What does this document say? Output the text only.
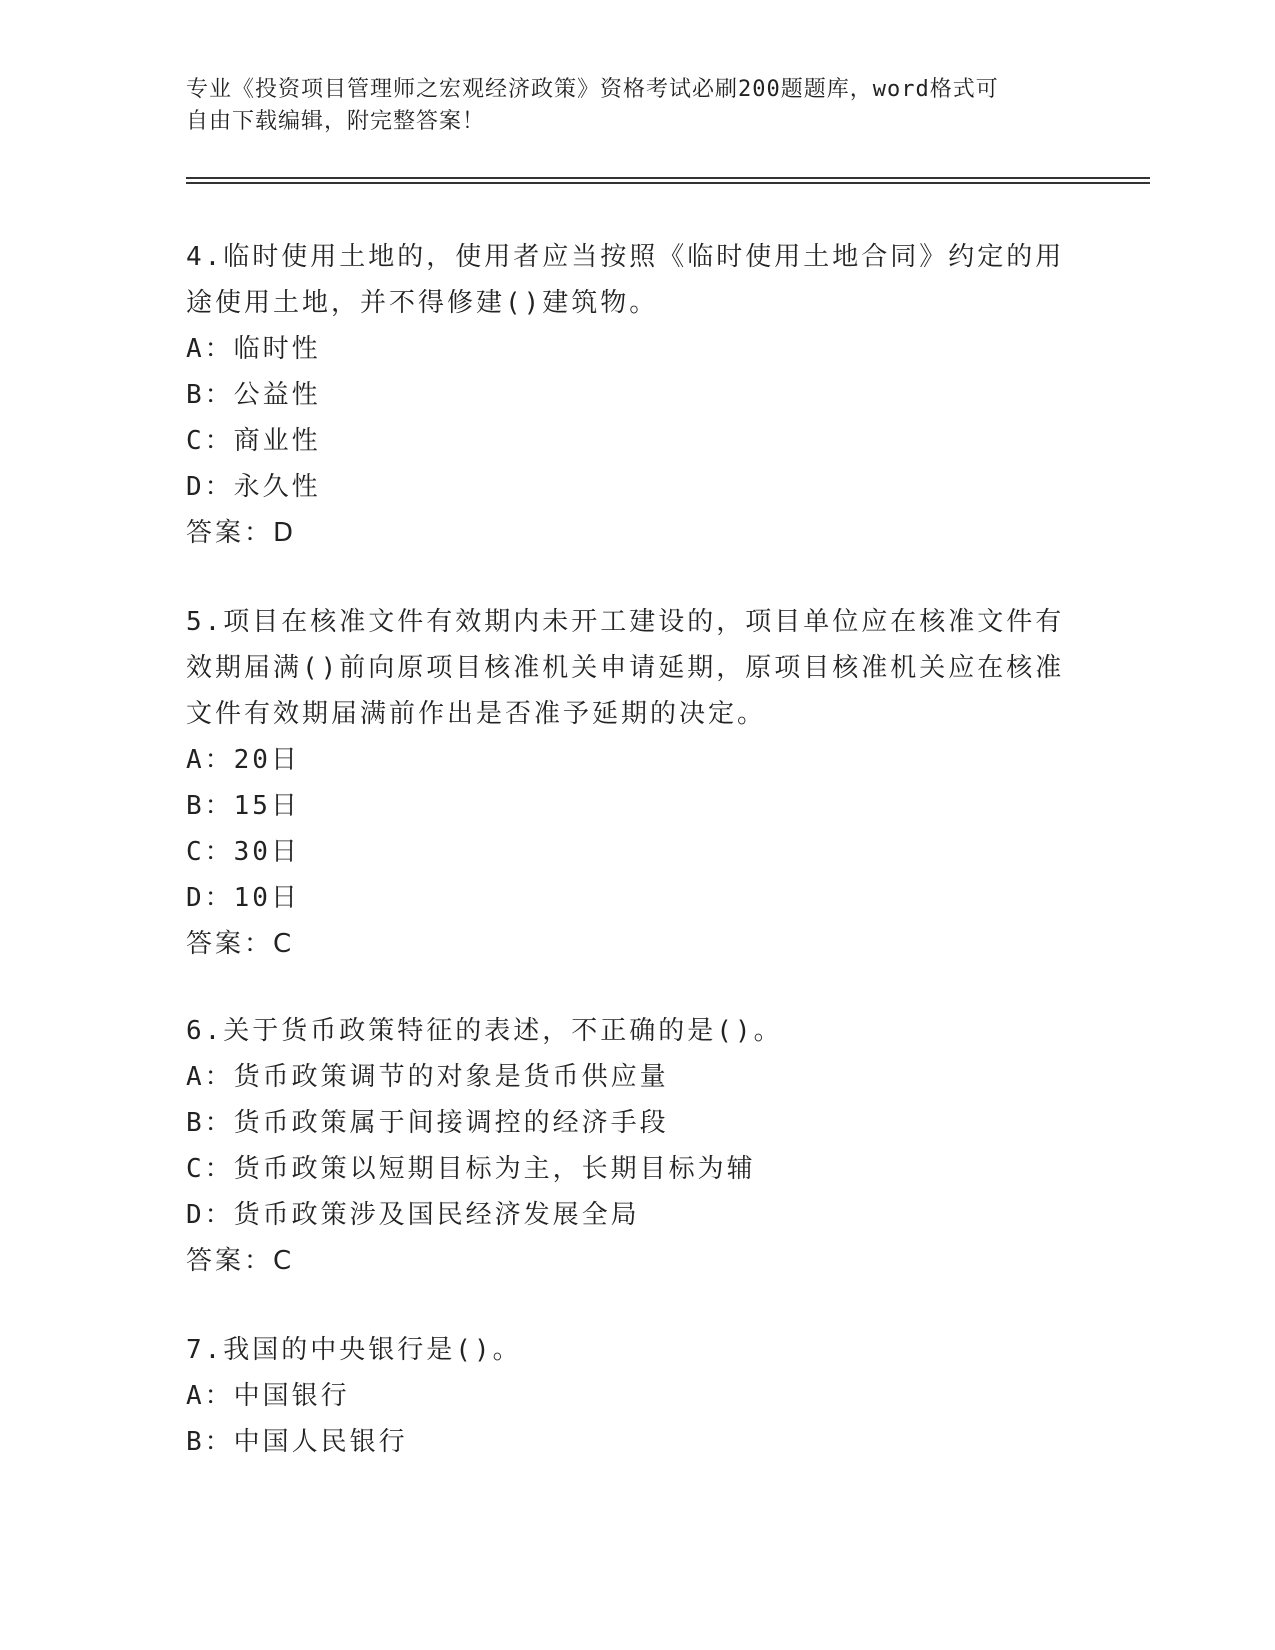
专业《投资项目管理师之宏观经济政策》资格考试必刷200题题库，word格式可
自由下载编辑，附完整答案！

4.临时使用土地的，使用者应当按照《临时使用土地合同》约定的用

途使用土地，并不得修建()建筑物。

A：临时性

B：公益性

C：商业性

D：永久性

答案：D

5.项目在核准文件有效期内未开工建设的，项目单位应在核准文件有

效期届满()前向原项目核准机关申请延期，原项目核准机关应在核准

文件有效期届满前作出是否准予延期的决定。

A：20日

B：15日

C：30日

D：10日

答案：C

6.关于货币政策特征的表述，不正确的是()。

A：货币政策调节的对象是货币供应量

B：货币政策属于间接调控的经济手段

C：货币政策以短期目标为主，长期目标为辅

D：货币政策涉及国民经济发展全局

答案：C

7.我国的中央银行是()。

A：中国银行

B：中国人民银行
